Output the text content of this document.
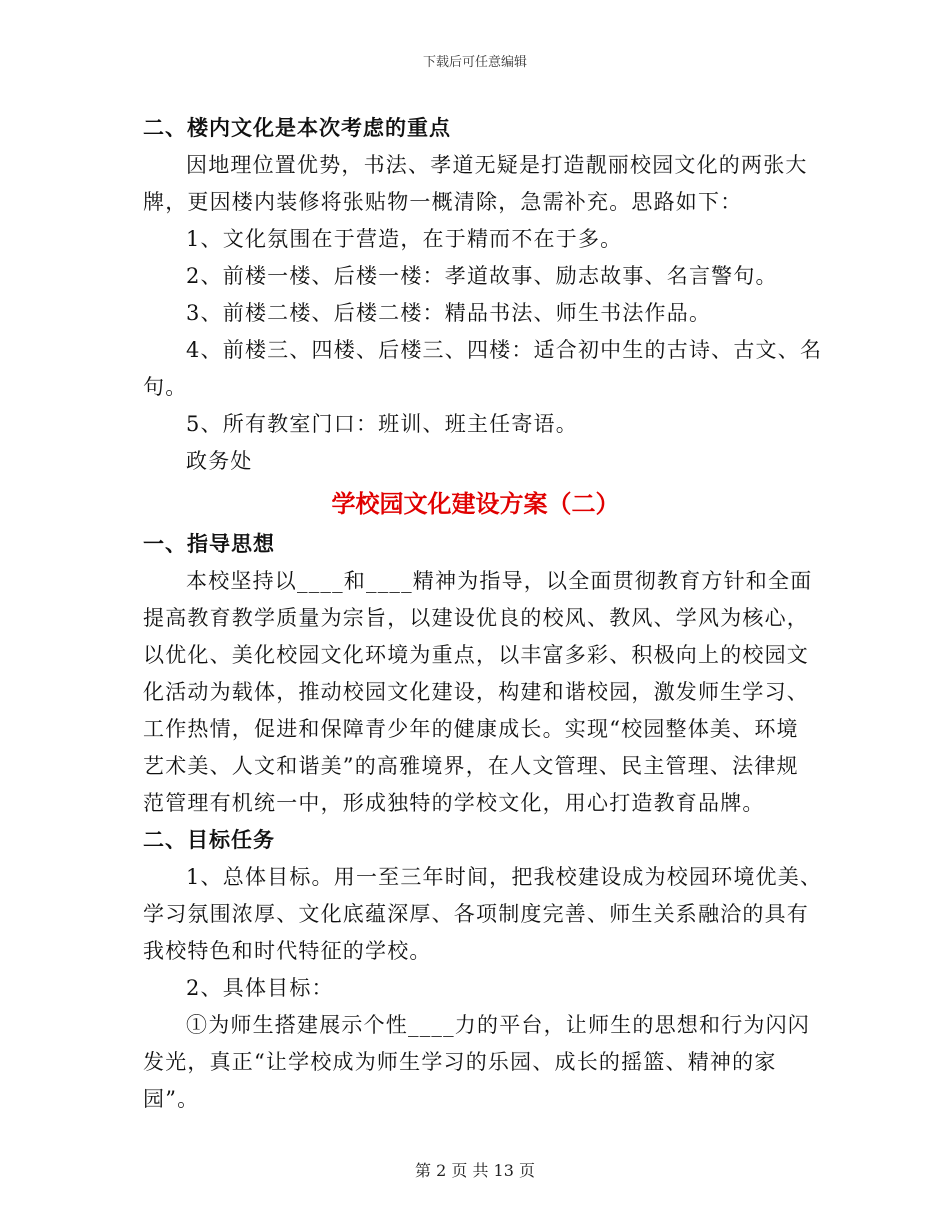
下载后可任意编辑
二、楼内文化是本次考虑的重点
因地理位置优势，书法、孝道无疑是打造靓丽校园文化的两张大
牌，更因楼内装修将张贴物一概清除，急需补充。思路如下：
1、文化氛围在于营造，在于精而不在于多。
2、前楼一楼、后楼一楼：孝道故事、励志故事、名言警句。
3、前楼二楼、后楼二楼：精品书法、师生书法作品。
4、前楼三、四楼、后楼三、四楼：适合初中生的古诗、古文、名
句。
5、所有教室门口：班训、班主任寄语。
政务处
学校园文化建设方案（二）
一、指导思想
本校坚持以____和____精神为指导，以全面贯彻教育方针和全面
提高教育教学质量为宗旨，以建设优良的校风、教风、学风为核心，
以优化、美化校园文化环境为重点，以丰富多彩、积极向上的校园文
化活动为载体，推动校园文化建设，构建和谐校园，激发师生学习、
工作热情，促进和保障青少年的健康成长。实现“校园整体美、环境
艺术美、人文和谐美”的高雅境界，在人文管理、民主管理、法律规
范管理有机统一中，形成独特的学校文化，用心打造教育品牌。
二、目标任务
1、总体目标。用一至三年时间，把我校建设成为校园环境优美、
学习氛围浓厚、文化底蕴深厚、各项制度完善、师生关系融洽的具有
我校特色和时代特征的学校。
2、具体目标：
①为师生搭建展示个性____力的平台，让师生的思想和行为闪闪
发光，真正“让学校成为师生学习的乐园、成长的摇篮、精神的家
园”。
第 2 页 共 13 页
